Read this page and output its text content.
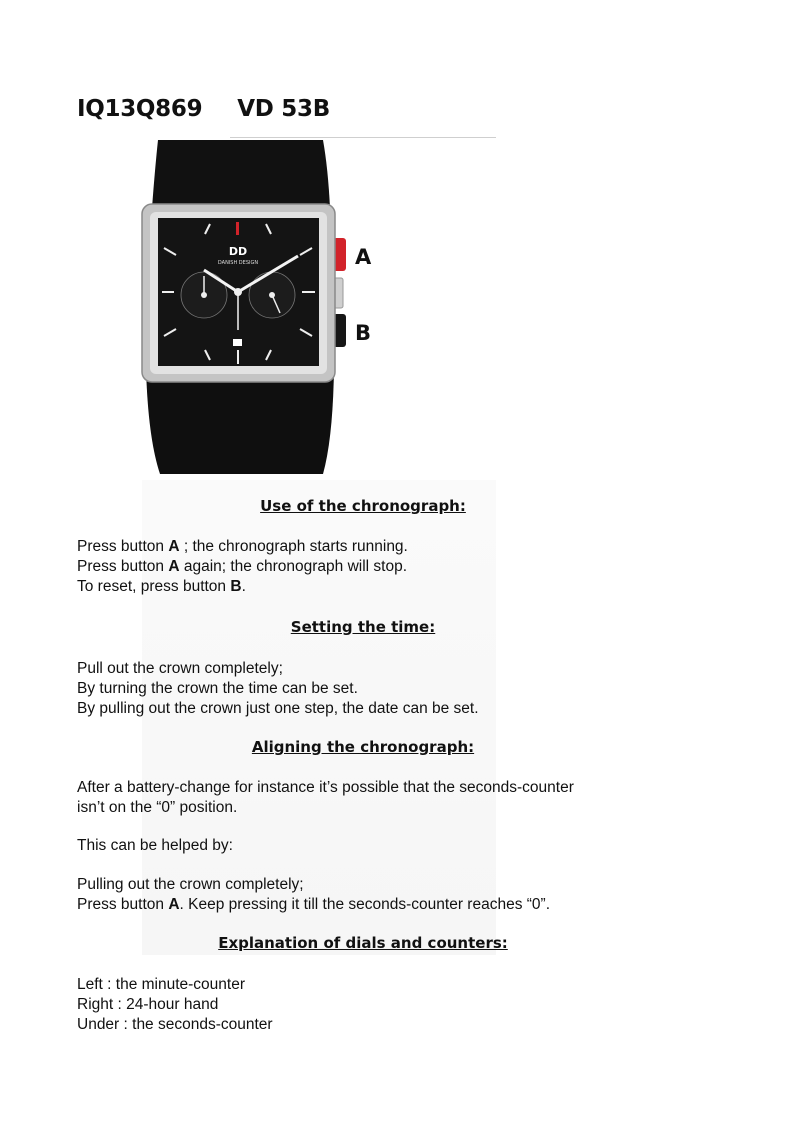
IQ13Q869 VD 53B
DD
DANISH DESIGN	A
B
Use of the chronograph:

Press button A ; the chronograph starts running.

Press button A again; the chronograph will stop.

To reset, press button B.

Setting the time:

Pull out the crown completely;

By turning the crown the time can be set.

By pulling out the crown just one step, the date can be set.

Aligning the chronograph:

After a battery-change for instance it’s possible that the seconds-counter

isn’t on the “0” position.

This can be helped by:

Pulling out the crown completely;

Press button A. Keep pressing it till the seconds-counter reaches “0”.

Explanation of dials and counters:

Left : the minute-counter

Right : 24-hour hand

Under : the seconds-counter
